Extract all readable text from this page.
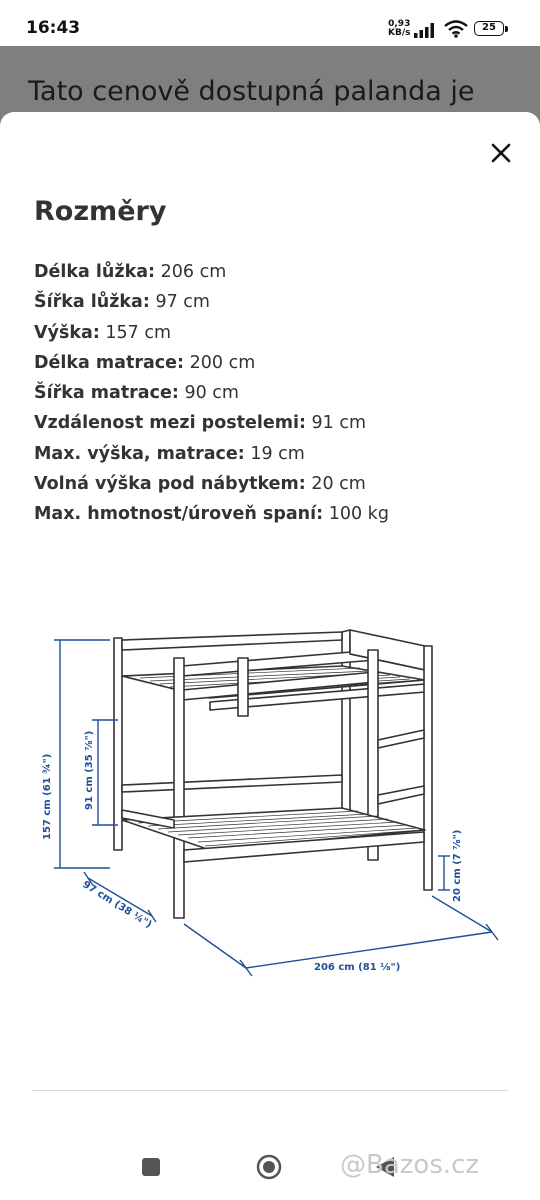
16:43	0,93
KB/s	25
Tato cenově dostupná palanda je
Rozměry
Délka lůžka: 206 cm
Šířka lůžka: 97 cm
Výška: 157 cm
Délka matrace: 200 cm
Šířka matrace: 90 cm
Vzdálenost mezi postelemi: 91 cm
Max. výška, matrace: 19 cm
Volná výška pod nábytkem: 20 cm
Max. hmotnost/úroveň spaní: 100 kg
157 cm (61 ¾")	91 cm (35 ⅞")
97 cm (38 ¼")
206 cm (81 ⅛")
20 cm (7 ⅞")
@Bazos.cz
